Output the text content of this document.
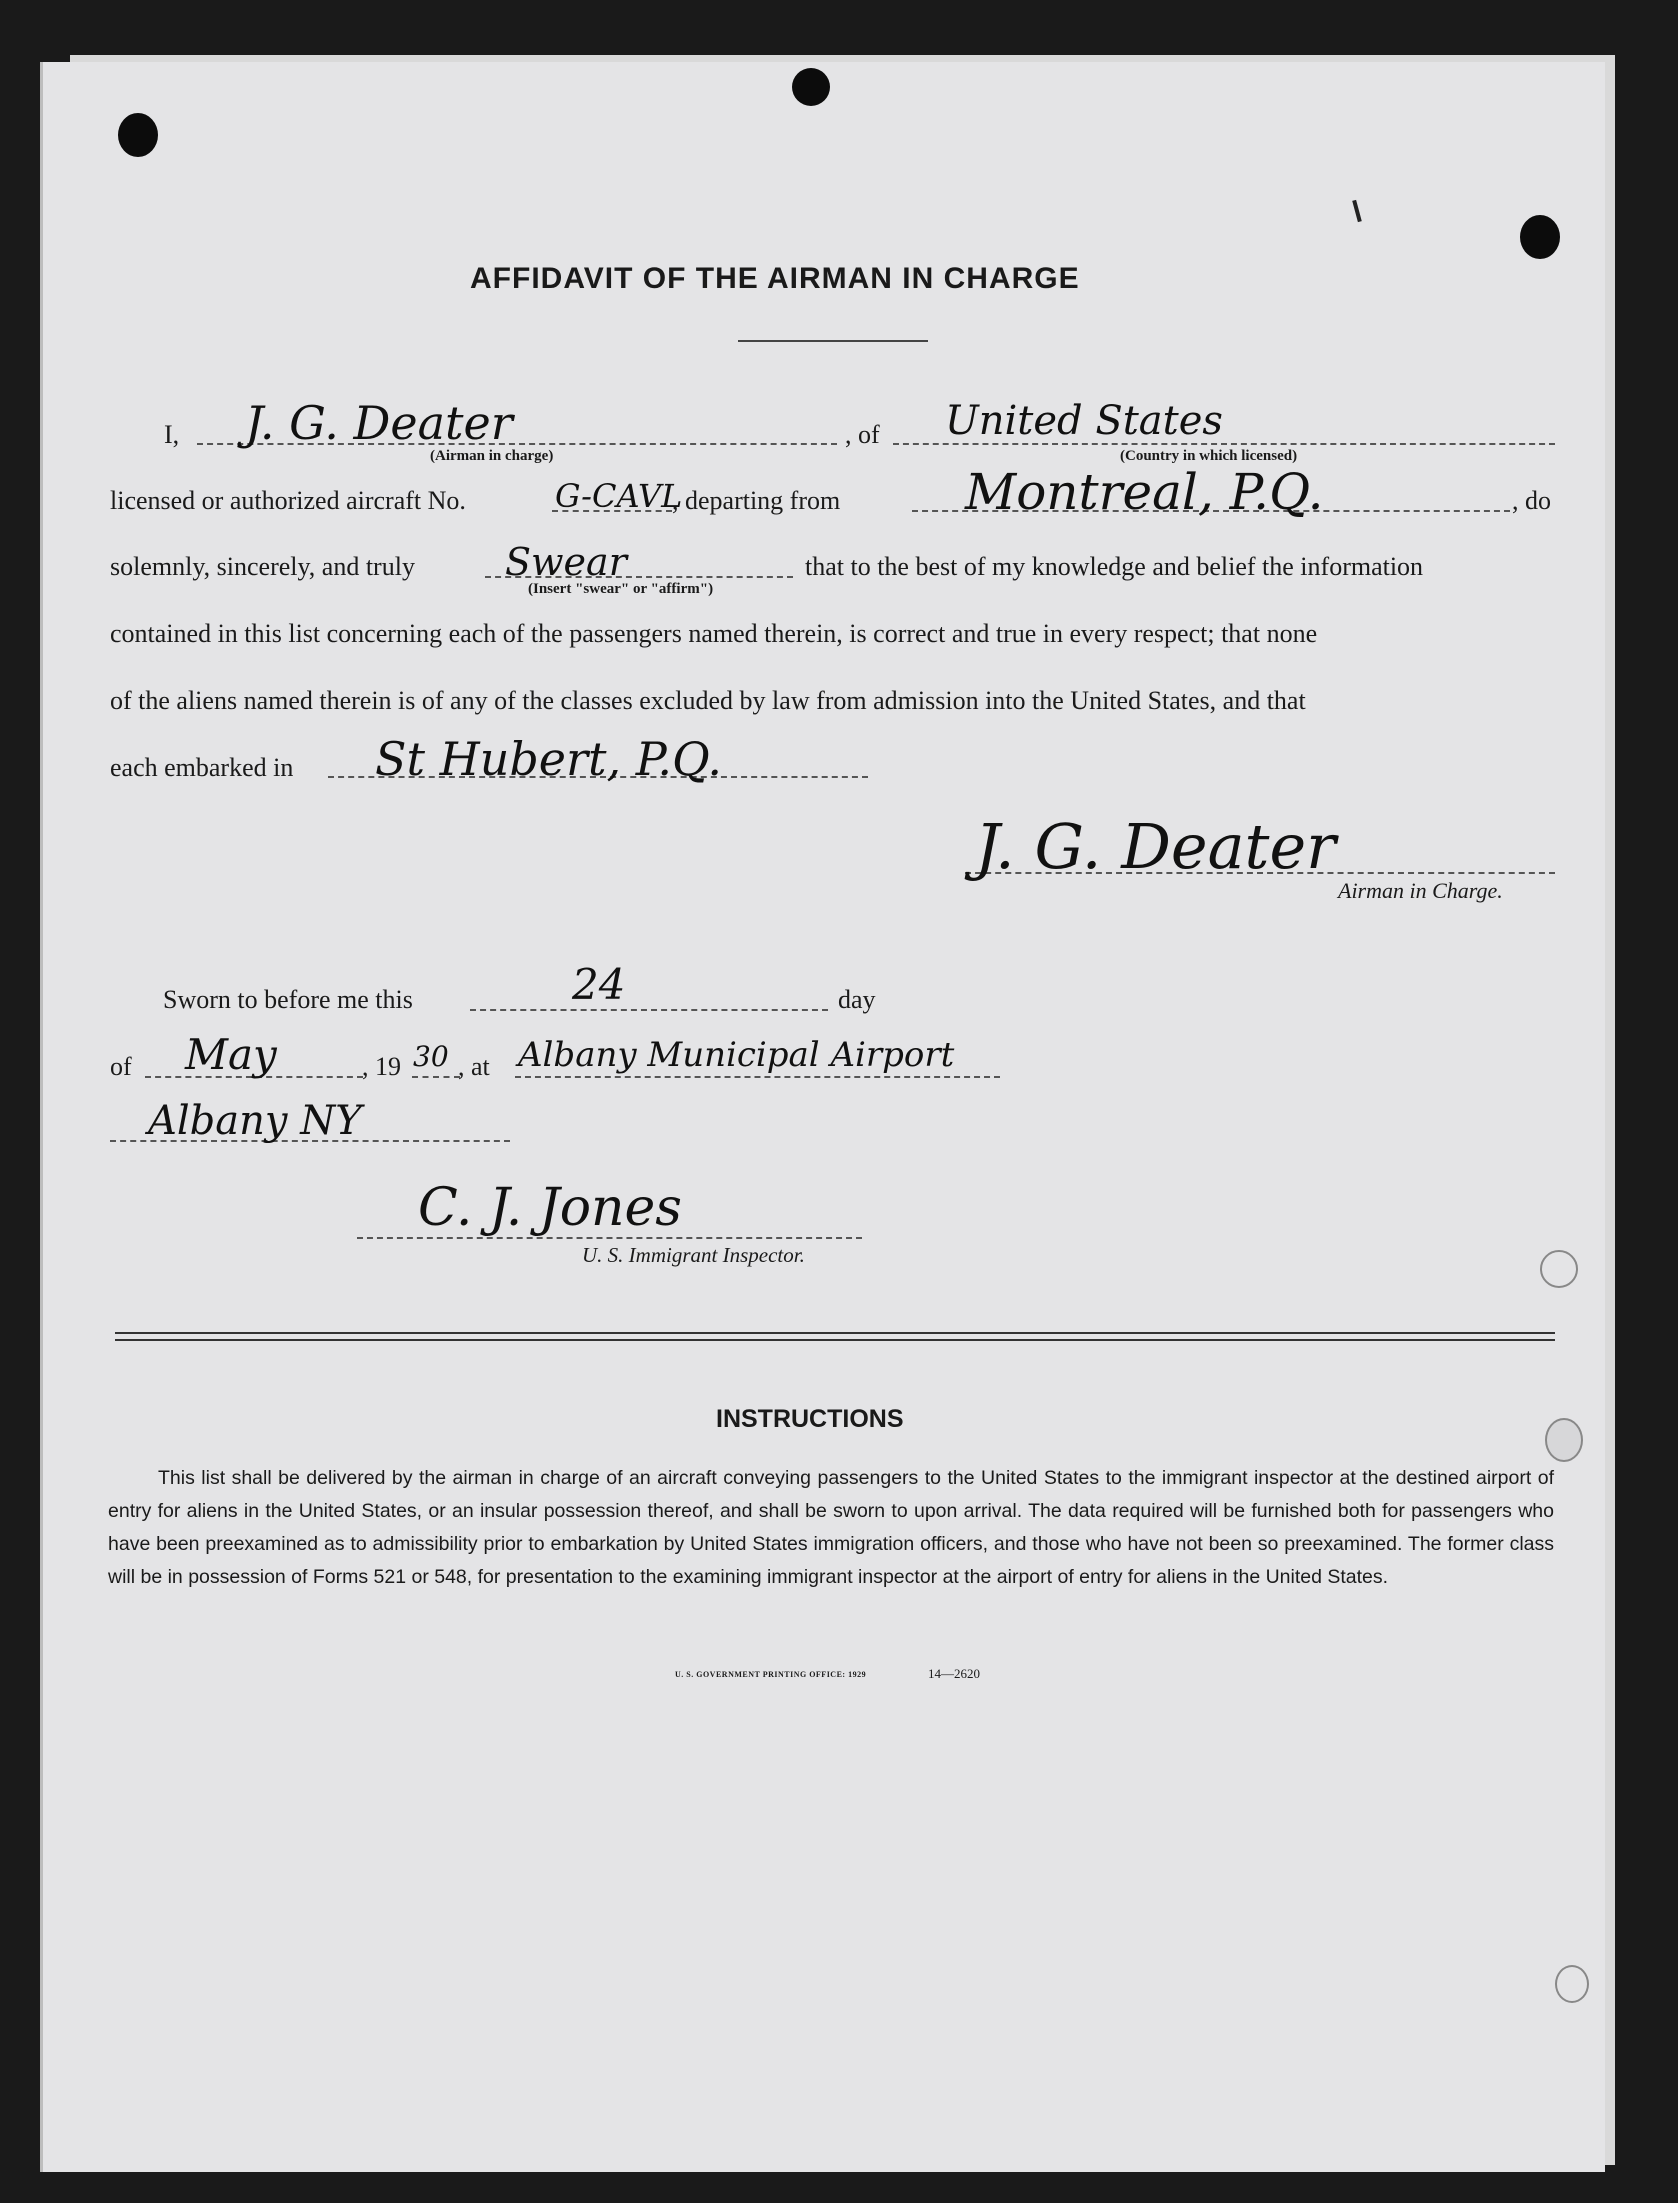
AFFIDAVIT OF THE AIRMAN IN CHARGE
I, J. G. Deater
(Airman in charge)
, of United States
(Country in which licensed)
licensed or authorized aircraft No.	G-CAVL
, departing from Montreal, P.Q.	, do
solemnly, sincerely, and truly Swear
(Insert "swear" or "affirm")
that to the best of my knowledge and belief the information
contained in this list concerning each of the passengers named therein, is correct and true in every respect; that none
of the aliens named therein is of any of the classes excluded by law from admission into the United States, and that
each embarked in St Hubert, P.Q.
J. G. Deater
Airman in Charge.
Sworn to before me this	24	day
of May	, 19 30 , at Albany Municipal Airport
Albany NY
C. J. Jones
U. S. Immigrant Inspector.
INSTRUCTIONS
This list shall be delivered by the airman in charge of an aircraft conveying passengers to the United States to the immigrant inspector at the destined airport of entry for aliens in the United States, or an insular possession thereof, and shall be sworn to upon arrival. The data required will be furnished both for passengers who have been preexamined as to admissibility prior to embarkation by United States immigration officers, and those who have not been so preexamined. The former class will be in possession of Forms 521 or 548, for presentation to the examining immigrant inspector at the airport of entry for aliens in the United States.
U. S. GOVERNMENT PRINTING OFFICE: 1929	14—2620
